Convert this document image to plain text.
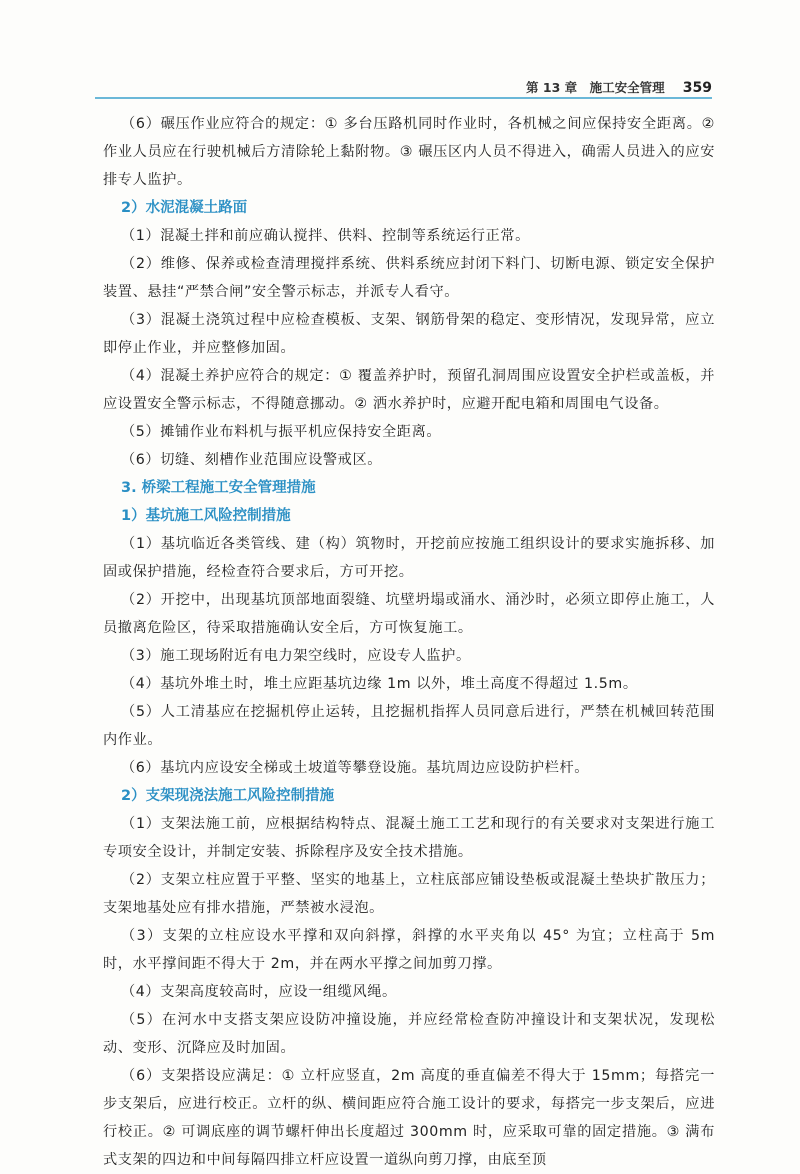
第 13 章　施工安全管理 359

（6）碾压作业应符合的规定：① 多台压路机同时作业时，各机械之间应保持安全距离。② 作业人员应在行驶机械后方清除轮上黏附物。③ 碾压区内人员不得进入，确需人员进入的应安排专人监护。

2）水泥混凝土路面

（1）混凝土拌和前应确认搅拌、供料、控制等系统运行正常。

（2）维修、保养或检查清理搅拌系统、供料系统应封闭下料门、切断电源、锁定安全保护装置、悬挂“严禁合闸”安全警示标志，并派专人看守。

（3）混凝土浇筑过程中应检查模板、支架、钢筋骨架的稳定、变形情况，发现异常，应立即停止作业，并应整修加固。

（4）混凝土养护应符合的规定：① 覆盖养护时，预留孔洞周围应设置安全护栏或盖板，并应设置安全警示标志，不得随意挪动。② 洒水养护时，应避开配电箱和周围电气设备。

（5）摊铺作业布料机与振平机应保持安全距离。

（6）切缝、刻槽作业范围应设警戒区。

3. 桥梁工程施工安全管理措施

1）基坑施工风险控制措施

（1）基坑临近各类管线、建（构）筑物时，开挖前应按施工组织设计的要求实施拆移、加固或保护措施，经检查符合要求后，方可开挖。

（2）开挖中，出现基坑顶部地面裂缝、坑壁坍塌或涌水、涌沙时，必须立即停止施工，人员撤离危险区，待采取措施确认安全后，方可恢复施工。

（3）施工现场附近有电力架空线时，应设专人监护。

（4）基坑外堆土时，堆土应距基坑边缘 1m 以外，堆土高度不得超过 1.5m。

（5）人工清基应在挖掘机停止运转，且挖掘机指挥人员同意后进行，严禁在机械回转范围内作业。

（6）基坑内应设安全梯或土坡道等攀登设施。基坑周边应设防护栏杆。

2）支架现浇法施工风险控制措施

（1）支架法施工前，应根据结构特点、混凝土施工工艺和现行的有关要求对支架进行施工专项安全设计，并制定安装、拆除程序及安全技术措施。

（2）支架立柱应置于平整、坚实的地基上，立柱底部应铺设垫板或混凝土垫块扩散压力；支架地基处应有排水措施，严禁被水浸泡。

（3）支架的立柱应设水平撑和双向斜撑，斜撑的水平夹角以 45° 为宜；立柱高于 5m 时，水平撑间距不得大于 2m，并在两水平撑之间加剪刀撑。

（4）支架高度较高时，应设一组缆风绳。

（5）在河水中支搭支架应设防冲撞设施，并应经常检查防冲撞设计和支架状况，发现松动、变形、沉降应及时加固。

（6）支架搭设应满足：① 立杆应竖直，2m 高度的垂直偏差不得大于 15mm；每搭完一步支架后，应进行校正。立杆的纵、横间距应符合施工设计的要求，每搭完一步支架后，应进行校正。② 可调底座的调节螺杆伸出长度超过 300mm 时，应采取可靠的固定措施。③ 满布式支架的四边和中间每隔四排立杆应设置一道纵向剪刀撑，由底至顶
